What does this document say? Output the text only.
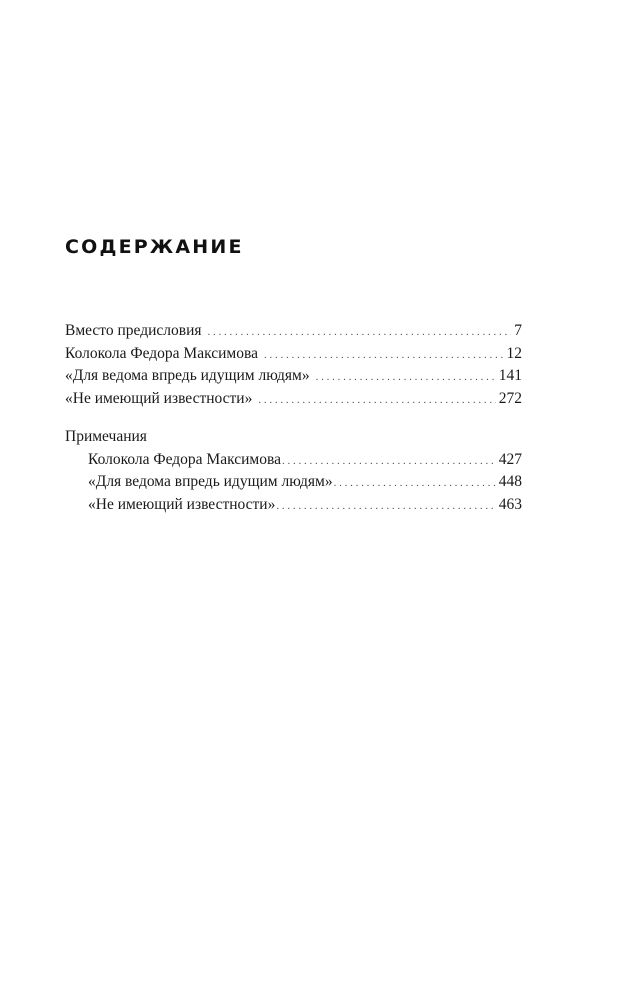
СОДЕРЖАНИЕ
Вместо предисловия . . .	7
Колокола Федора Максимова . . .	12
«Для ведома впредь идущим людям» . . .	141
«Не имеющий известности» . . .	272
Примечания
Колокола Федора Максимова . . .	427
«Для ведома впредь идущим людям» . . .	448
«Не имеющий известности» . . .	463
